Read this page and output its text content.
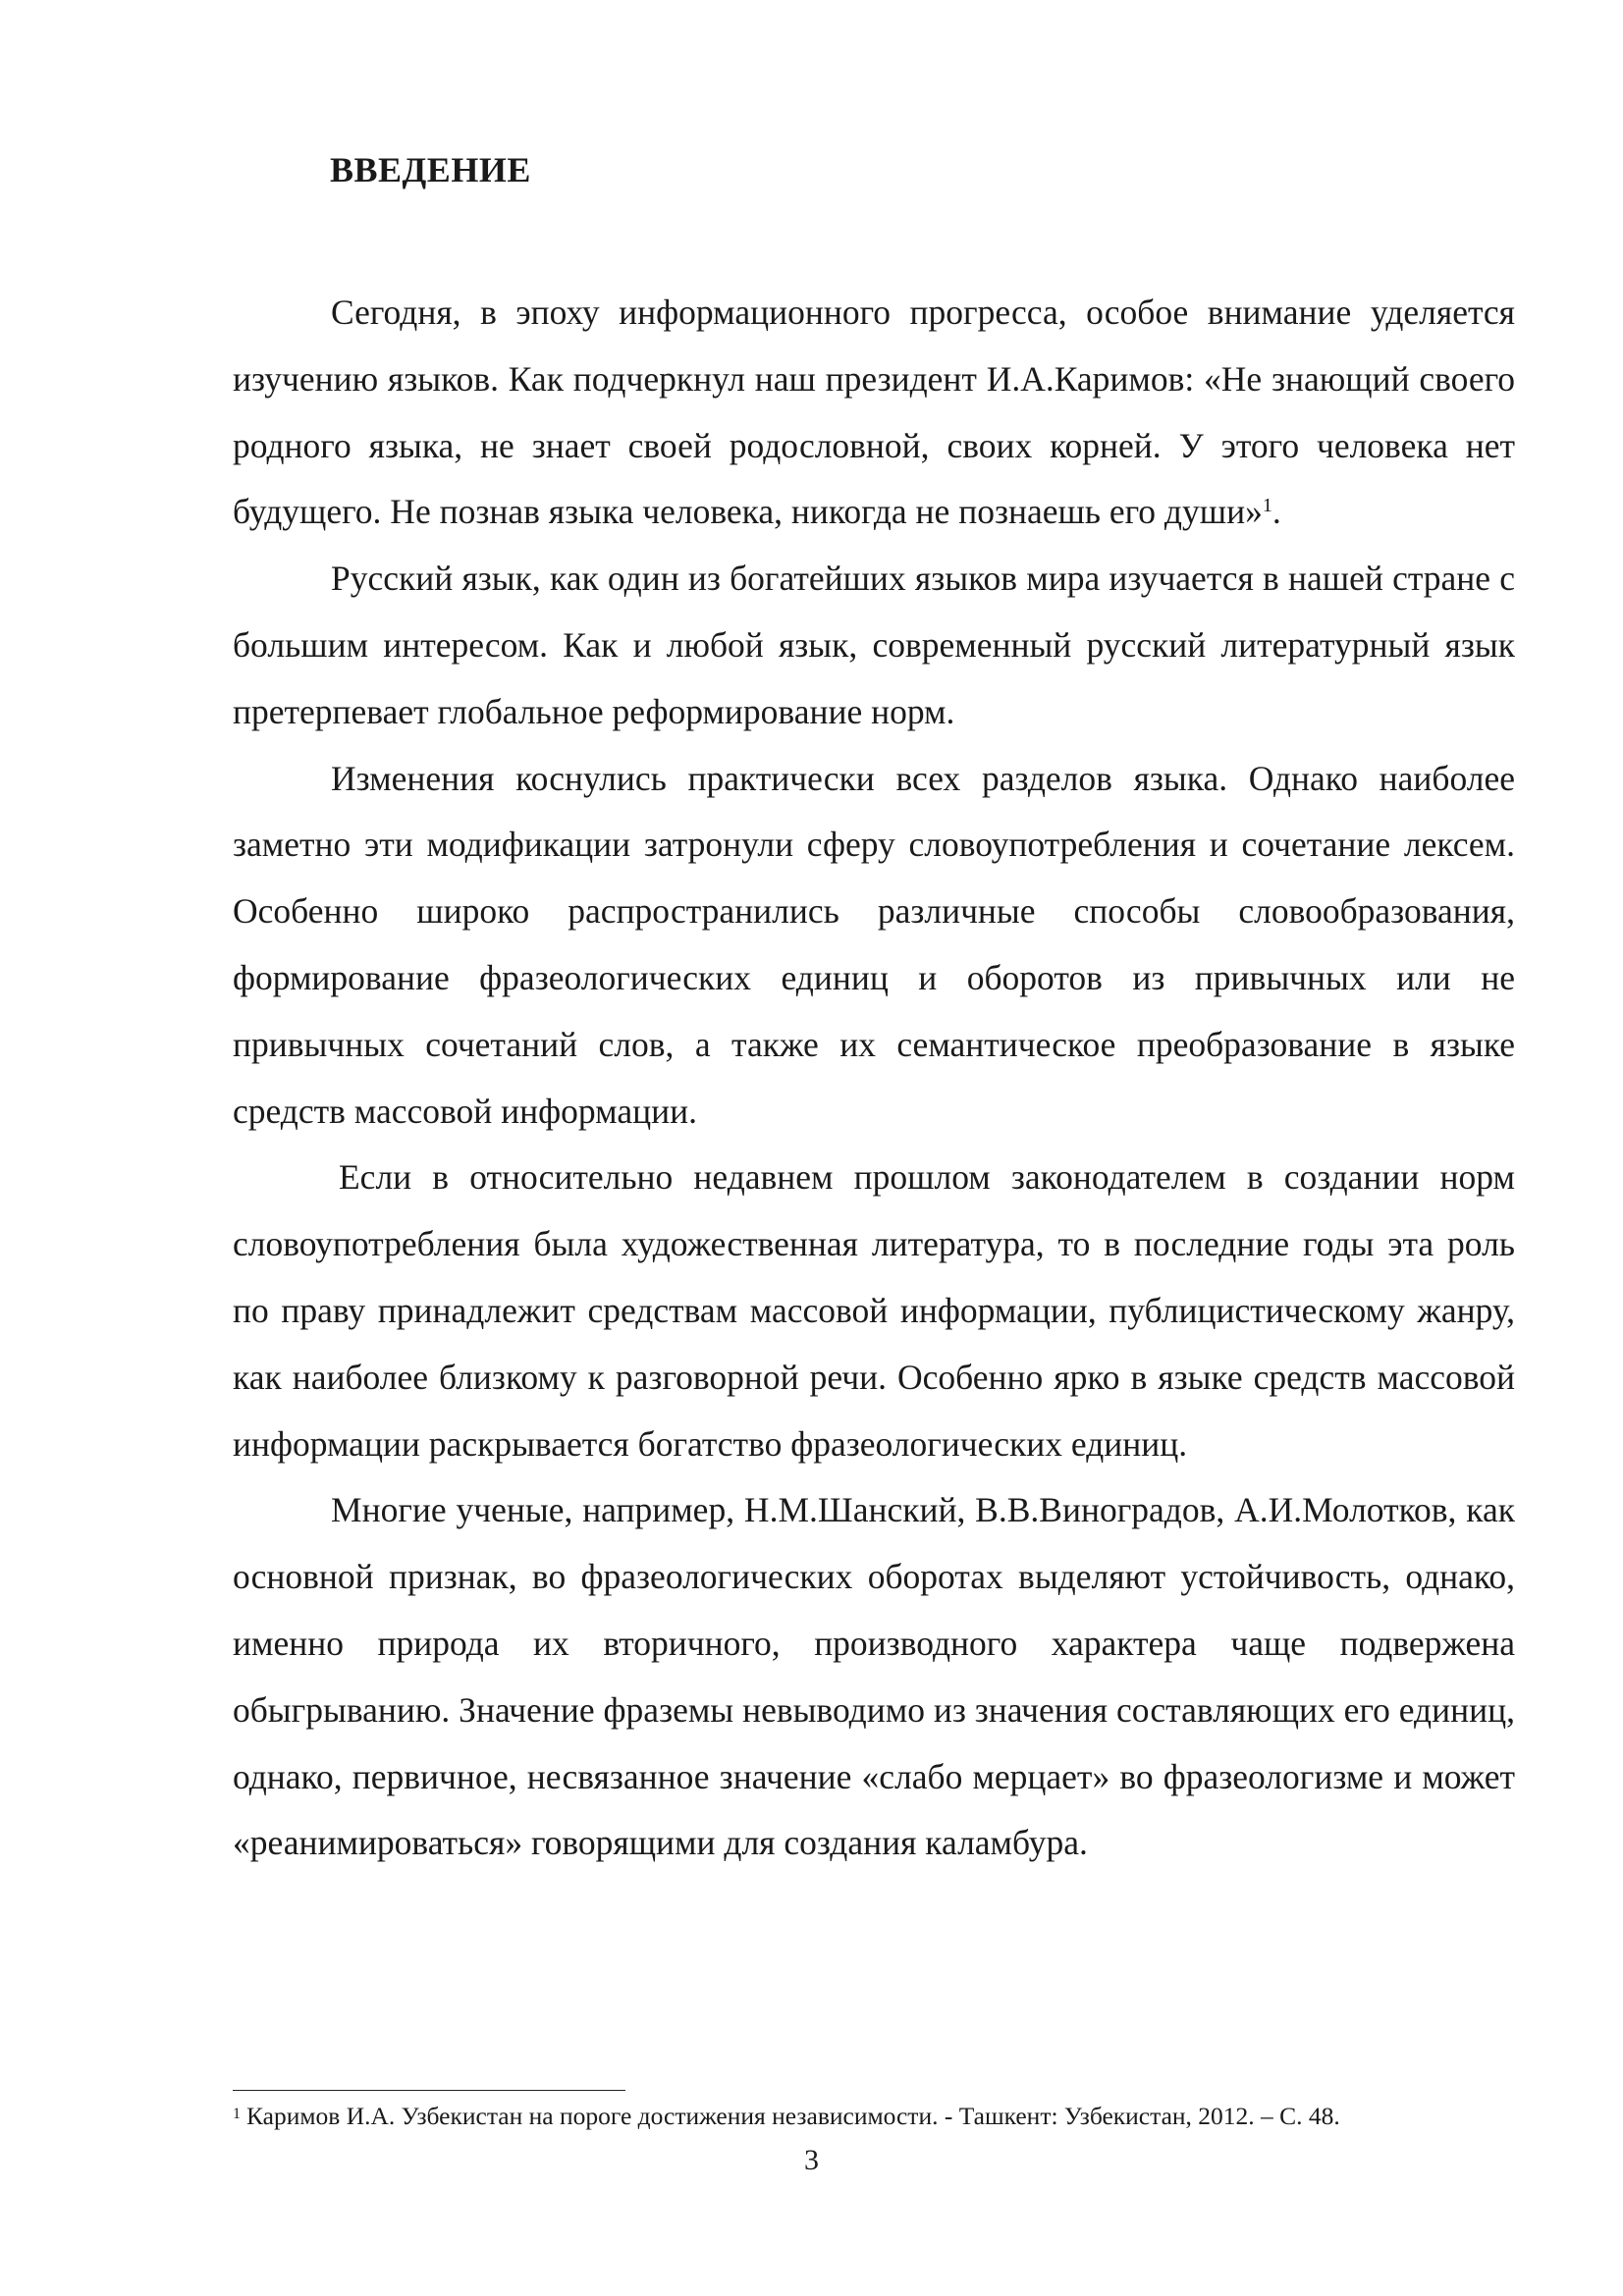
ВВЕДЕНИЕ

Сегодня, в эпоху информационного прогресса, особое внимание уделяется изучению языков. Как подчеркнул наш президент И.А.Каримов: «Не знающий своего родного языка, не знает своей родословной, своих корней. У этого человека нет будущего. Не познав языка человека, никогда не познаешь его души»$^1$.

Русский язык, как один из богатейших языков мира изучается в нашей стране с большим интересом. Как и любой язык, современный русский литературный язык претерпевает глобальное реформирование норм.

Изменения коснулись практически всех разделов языка. Однако наиболее заметно эти модификации затронули сферу словоупотребления и сочетание лексем. Особенно широко распространились различные способы словообразования, формирование фразеологических единиц и оборотов из привычных или не привычных сочетаний слов, а также их семантическое преобразование в языке средств массовой информации.

Если в относительно недавнем прошлом законодателем в создании норм словоупотребления была художественная литература, то в последние годы эта роль по праву принадлежит средствам массовой информации, публицистическому жанру, как наиболее близкому к разговорной речи. Особенно ярко в языке средств массовой информации раскрывается богатство фразеологических единиц.

Многие ученые, например, Н.М.Шанский, В.В.Виноградов, А.И.Молотков, как основной признак, во фразеологических оборотах выделяют устойчивость, однако, именно природа их вторичного, производного характера чаще подвержена обыгрыванию. Значение фраземы невыводимо из значения составляющих его единиц, однако, первичное, несвязанное значение «слабо мерцает» во фразеологизме и может «реанимироваться» говорящими для создания каламбура.

$^1$ Каримов И.А. Узбекистан на пороге достижения независимости. - Ташкент: Узбекистан, 2012. – С. 48.
3
